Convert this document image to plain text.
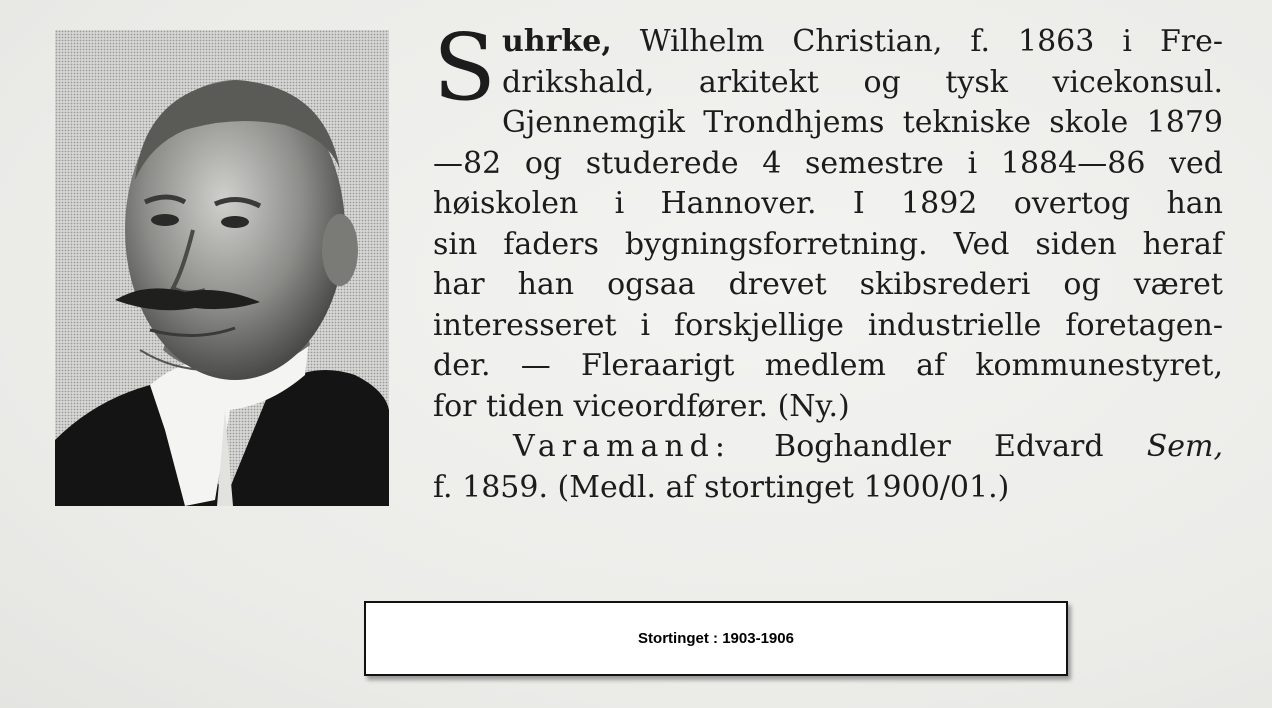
Suhrke, Wilhelm Christian, f. 1863 i Fre-
drikshald, arkitekt og tysk vicekonsul.
Gjennemgik Trondhjems tekniske skole 1879
—82 og studerede 4 semestre i 1884—86 ved
høiskolen i Hannover. I 1892 overtog han
sin faders bygningsforretning. Ved siden heraf
har han ogsaa drevet skibsrederi og været
interesseret i forskjellige industrielle foretagen-
der. — Fleraarigt medlem af kommunestyret,
for tiden viceordfører. (Ny.)
Varamand: Boghandler Edvard Sem,
f. 1859. (Medl. af stortinget 1900/01.)
Stortinget : 1903-1906
